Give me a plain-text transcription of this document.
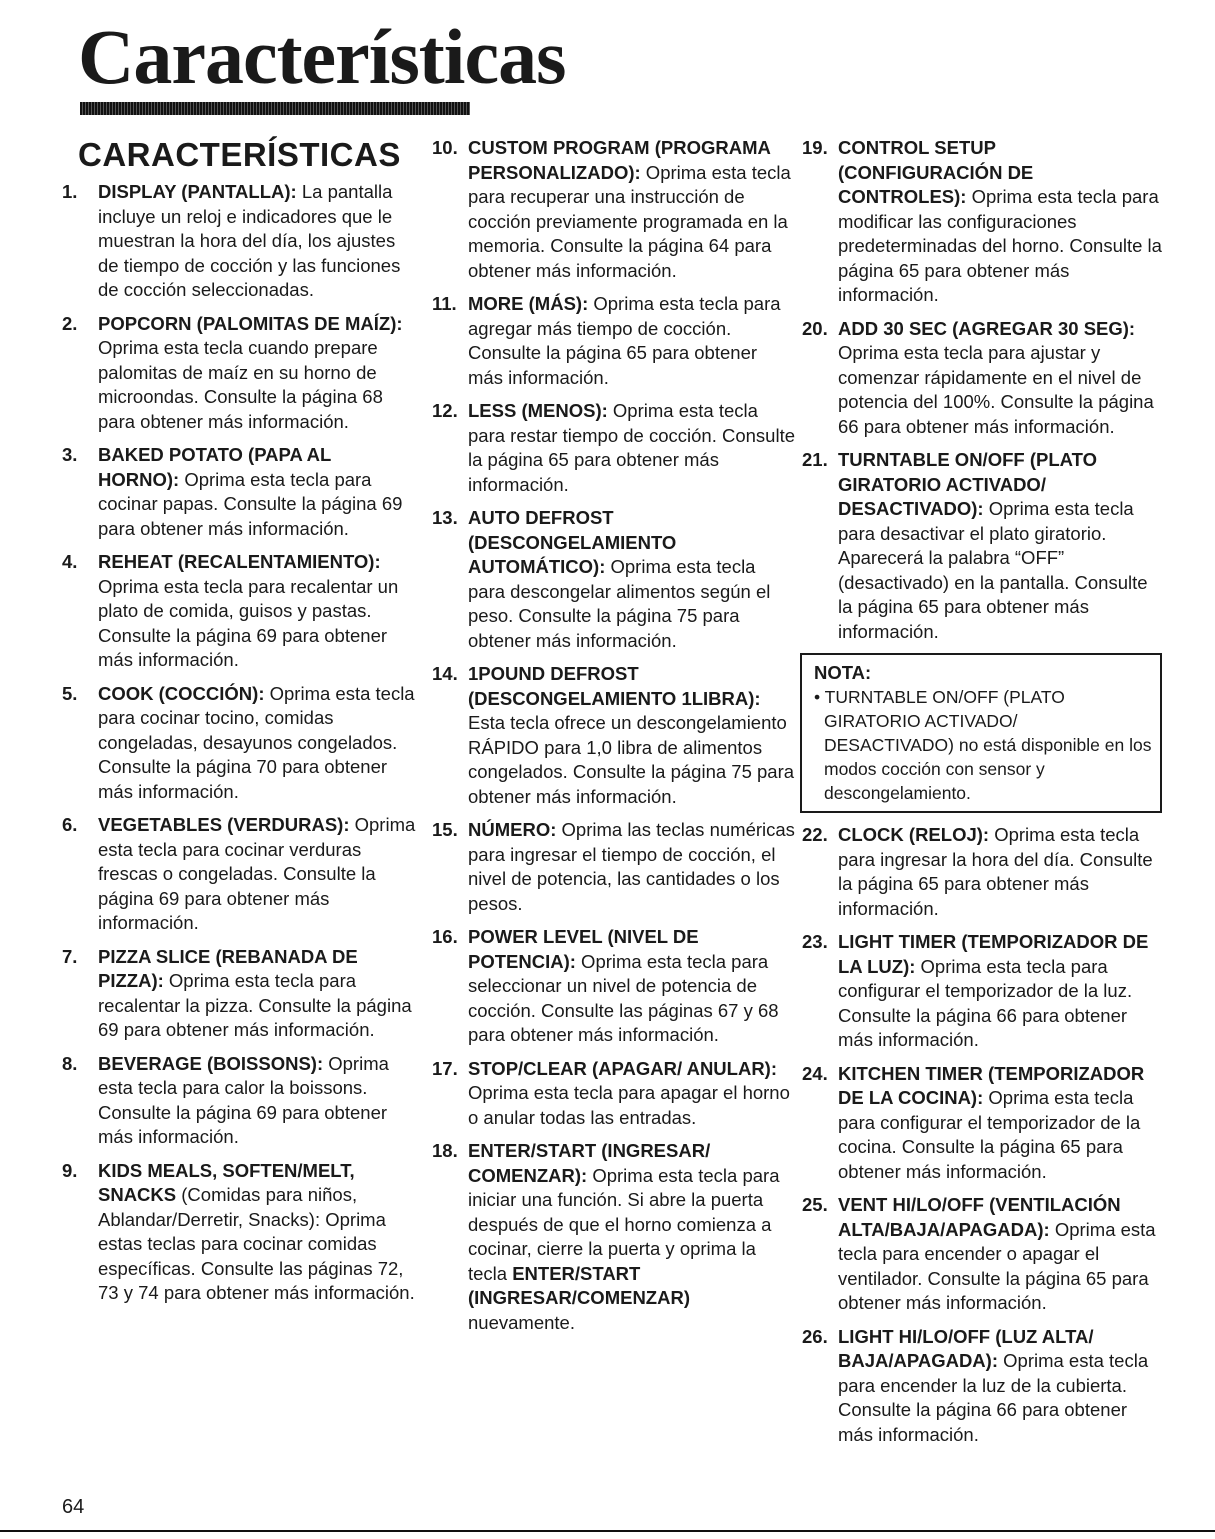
Características
CARACTERÍSTICAS
1. DISPLAY (PANTALLA): La pantalla incluye un reloj e indicadores que le muestran la hora del día, los ajustes de tiempo de cocción y las funciones de cocción seleccionadas.
2. POPCORN (PALOMITAS DE MAÍZ): Oprima esta tecla cuando prepare palomitas de maíz en su horno de microondas. Consulte la página 68 para obtener más información.
3. BAKED POTATO (PAPA AL HORNO): Oprima esta tecla para cocinar papas. Consulte la página 69 para obtener más información.
4. REHEAT (RECALENTAMIENTO): Oprima esta tecla para recalentar un plato de comida, guisos y pastas. Consulte la página 69 para obtener más información.
5. COOK (COCCIÓN): Oprima esta tecla para cocinar tocino, comidas congeladas, desayunos congelados. Consulte la página 70 para obtener más información.
6. VEGETABLES (VERDURAS): Oprima esta tecla para cocinar verduras frescas o congeladas. Consulte la página 69 para obtener más información.
7. PIZZA SLICE (REBANADA DE PIZZA): Oprima esta tecla para recalentar la pizza. Consulte la página 69 para obtener más información.
8. BEVERAGE (BOISSONS): Oprima esta tecla para calor la boissons. Consulte la página 69 para obtener más información.
9. KIDS MEALS, SOFTEN/MELT, SNACKS (Comidas para niños, Ablandar/Derretir, Snacks): Oprima estas teclas para cocinar comidas específicas. Consulte las páginas 72, 73 y 74 para obtener más información.
10. CUSTOM PROGRAM (PROGRAMA PERSONALIZADO): Oprima esta tecla para recuperar una instrucción de cocción previamente programada en la memoria. Consulte la página 64 para obtener más información.
11. MORE (MÁS): Oprima esta tecla para agregar más tiempo de cocción. Consulte la página 65 para obtener más información.
12. LESS (MENOS): Oprima esta tecla para restar tiempo de cocción. Consulte la página 65 para obtener más información.
13. AUTO DEFROST (DESCONGELAMIENTO AUTOMÁTICO): Oprima esta tecla para descongelar alimentos según el peso. Consulte la página 75 para obtener más información.
14. 1POUND DEFROST (DESCONGELAMIENTO 1LIBRA): Esta tecla ofrece un descongelamiento RÁPIDO para 1,0 libra de alimentos congelados. Consulte la página 75 para obtener más información.
15. NÚMERO: Oprima las teclas numéricas para ingresar el tiempo de cocción, el nivel de potencia, las cantidades o los pesos.
16. POWER LEVEL (NIVEL DE POTENCIA): Oprima esta tecla para seleccionar un nivel de potencia de cocción. Consulte las páginas 67 y 68 para obtener más información.
17. STOP/CLEAR (APAGAR/ ANULAR): Oprima esta tecla para apagar el horno o anular todas las entradas.
18. ENTER/START (INGRESAR/ COMENZAR): Oprima esta tecla para iniciar una función. Si abre la puerta después de que el horno comienza a cocinar, cierre la puerta y oprima la tecla ENTER/START (INGRESAR/COMENZAR) nuevamente.
19. CONTROL SETUP (CONFIGURACIÓN DE CONTROLES): Oprima esta tecla para modificar las configuraciones predeterminadas del horno. Consulte la página 65 para obtener más información.
20. ADD 30 SEC (AGREGAR 30 SEG): Oprima esta tecla para ajustar y comenzar rápidamente en el nivel de potencia del 100%. Consulte la página 66 para obtener más información.
21. TURNTABLE ON/OFF (PLATO GIRATORIO ACTIVADO/ DESACTIVADO): Oprima esta tecla para desactivar el plato giratorio. Aparecerá la palabra “OFF” (desactivado) en la pantalla. Consulte la página 65 para obtener más información.
NOTA:
• TURNTABLE ON/OFF (PLATO GIRATORIO ACTIVADO/ DESACTIVADO) no está disponible en los modos cocción con sensor y descongelamiento.
22. CLOCK (RELOJ): Oprima esta tecla para ingresar la hora del día. Consulte la página 65 para obtener más información.
23. LIGHT TIMER (TEMPORIZADOR DE LA LUZ): Oprima esta tecla para configurar el temporizador de la luz. Consulte la página 66 para obtener más información.
24. KITCHEN TIMER (TEMPORIZADOR DE LA COCINA): Oprima esta tecla para configurar el temporizador de la cocina. Consulte la página 65 para obtener más información.
25. VENT HI/LO/OFF (VENTILACIÓN ALTA/BAJA/APAGADA): Oprima esta tecla para encender o apagar el ventilador. Consulte la página 65 para obtener más información.
26. LIGHT HI/LO/OFF (LUZ ALTA/ BAJA/APAGADA): Oprima esta tecla para encender la luz de la cubierta. Consulte la página 66 para obtener más información.
64
